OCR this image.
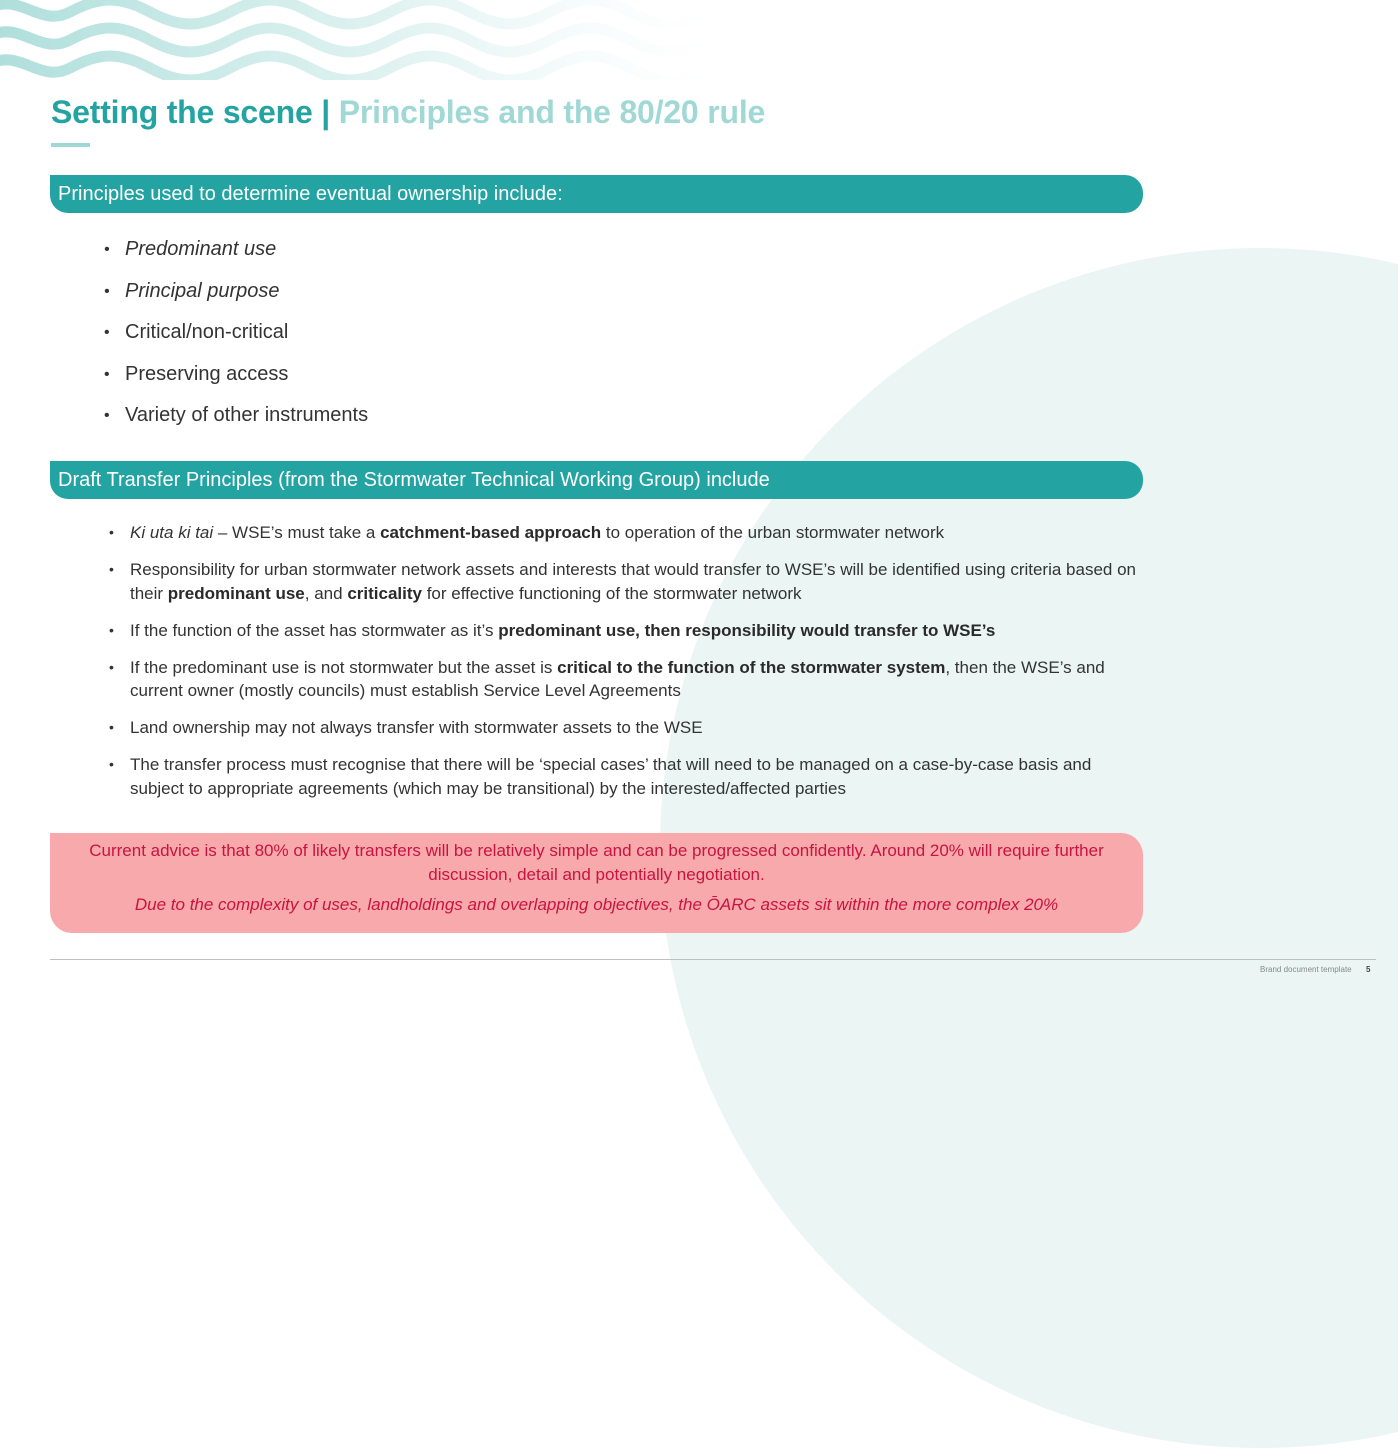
Setting the scene | Principles and the 80/20 rule
Principles used to determine eventual ownership include:
• Predominant use
• Principal purpose
• Critical/non-critical
• Preserving access
• Variety of other instruments
Draft Transfer Principles (from the Stormwater Technical Working Group) include
• Ki uta ki tai – WSE’s must take a catchment-based approach to operation of the urban stormwater network
• Responsibility for urban stormwater network assets and interests that would transfer to WSE’s will be identified using criteria based on their predominant use, and criticality for effective functioning of the stormwater network
• If the function of the asset has stormwater as it’s predominant use, then responsibility would transfer to WSE’s
• If the predominant use is not stormwater but the asset is critical to the function of the stormwater system, then the WSE’s and current owner (mostly councils) must establish Service Level Agreements
• Land ownership may not always transfer with stormwater assets to the WSE
• The transfer process must recognise that there will be ‘special cases’ that will need to be managed on a case-by-case basis and subject to appropriate agreements (which may be transitional) by the interested/affected parties

Current advice is that 80% of likely transfers will be relatively simple and can be progressed confidently. Around 20% will require further discussion, detail and potentially negotiation.

Due to the complexity of uses, landholdings and overlapping objectives, the ŌARC assets sit within the more complex 20%

Brand document template 5
